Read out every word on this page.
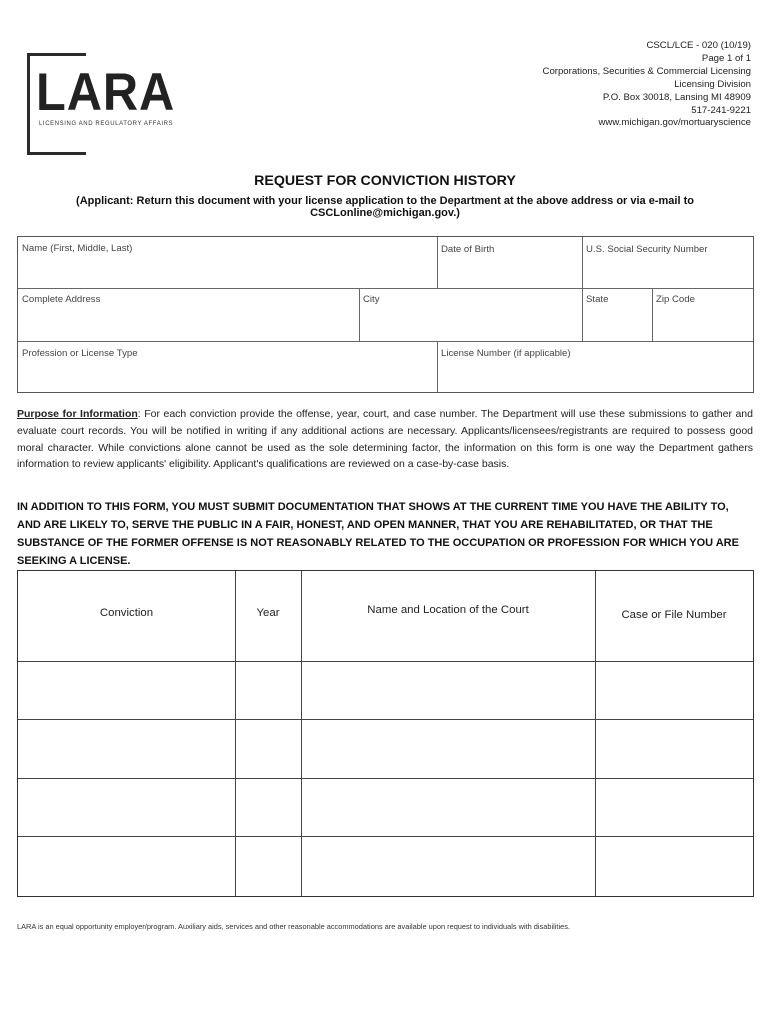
LARA
LICENSING AND REGULATORY AFFAIRS
CSCL/LCE - 020 (10/19)
Page 1 of 1
Corporations, Securities & Commercial Licensing
Licensing Division
P.O. Box 30018, Lansing MI 48909
517-241-9221
www.michigan.gov/mortuaryscience
REQUEST FOR CONVICTION HISTORY
(Applicant: Return this document with your license application to the Department at the above address or via e-mail to CSCLonline@michigan.gov.)
Name (First, Middle, Last)	Date of Birth	U.S. Social Security Number
Complete Address	City	State	Zip Code
Profession or License Type	License Number (if applicable)
Purpose for Information: For each conviction provide the offense, year, court, and case number. The Department will use these submissions to gather and evaluate court records. You will be notified in writing if any additional actions are necessary. Applicants/licensees/registrants are required to possess good moral character. While convictions alone cannot be used as the sole determining factor, the information on this form is one way the Department gathers information to review applicants' eligibility. Applicant's qualifications are reviewed on a case-by-case basis.
IN ADDITION TO THIS FORM, YOU MUST SUBMIT DOCUMENTATION THAT SHOWS AT THE CURRENT TIME YOU HAVE THE ABILITY TO, AND ARE LIKELY TO, SERVE THE PUBLIC IN A FAIR, HONEST, AND OPEN MANNER, THAT YOU ARE REHABILITATED, OR THAT THE SUBSTANCE OF THE FORMER OFFENSE IS NOT REASONABLY RELATED TO THE OCCUPATION OR PROFESSION FOR WHICH YOU ARE SEEKING A LICENSE.
Conviction	Year	Name and Location of the Court	Case or File Number
LARA is an equal opportunity employer/program. Auxiliary aids, services and other reasonable accommodations are available upon request to individuals with disabilities.
